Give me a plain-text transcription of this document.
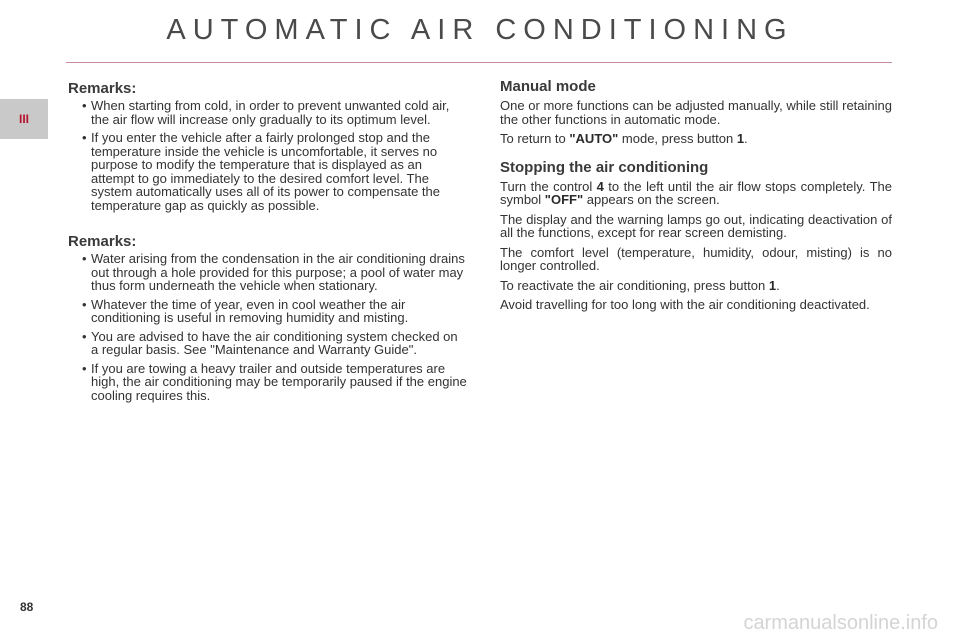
AUTOMATIC AIR CONDITIONING
III
Remarks:
• When starting from cold, in order to prevent unwanted cold air, the air flow will increase only gradually to its optimum level.
• If you enter the vehicle after a fairly prolonged stop and the temperature inside the vehicle is uncomfortable, it serves no purpose to modify the temperature that is displayed as an attempt to go immediately to the desired comfort level. The system automatically uses all of its power to compensate the temperature gap as quickly as possible.
Remarks:
• Water arising from the condensation in the air conditioning drains out through a hole provided for this purpose; a pool of water may thus form underneath the vehicle when stationary.
• Whatever the time of year, even in cool weather the air conditioning is useful in removing humidity and misting.
• You are advised to have the air conditioning system checked on a regular basis. See "Maintenance and Warranty Guide".
• If you are towing a heavy trailer and outside temperatures are high, the air conditioning may be temporarily paused if the engine cooling requires this.
Manual mode

One or more functions can be adjusted manually, while still retaining the other functions in automatic mode.

To return to "AUTO" mode, press button 1.

Stopping the air conditioning

Turn the control 4 to the left until the air flow stops completely. The symbol "OFF" appears on the screen.

The display and the warning lamps go out, indicating deactivation of all the functions, except for rear screen demisting.

The comfort level (temperature, humidity, odour, misting) is no longer controlled.

To reactivate the air conditioning, press button 1.

Avoid travelling for too long with the air conditioning deactivated.

88
carmanualsonline.info
